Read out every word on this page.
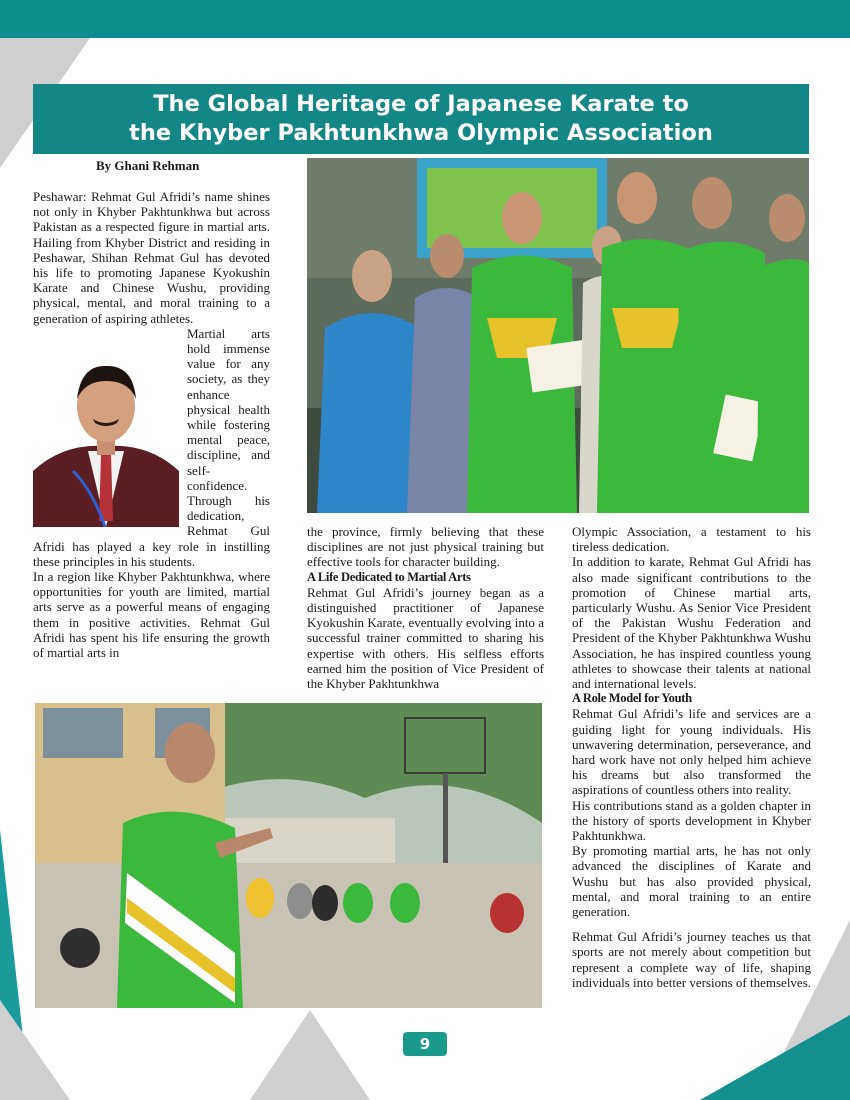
The Global Heritage of Japanese Karate to
the Khyber Pakhtunkhwa Olympic Association
By Ghani Rehman

Peshawar: Rehmat Gul Afridi’s name shines not only in Khyber Pakhtunkhwa but across Pakistan as a respected figure in martial arts. Hailing from Khyber District and residing in Peshawar, Shihan Rehmat Gul has devoted his life to promoting Japanese Kyokushin Karate and Chinese Wushu, providing physical, mental, and moral training to a generation of aspiring athletes.

Martial arts hold immense value for any society, as they enhance physical health while fostering mental peace, discipline, and self-confidence. Through his dedication, Rehmat Gul Afridi has played a key role in instilling these principles in his students.

In a region like Khyber Pakhtunkhwa, where opportunities for youth are limited, martial arts serve as a powerful means of engaging them in positive activities. Rehmat Gul Afridi has spent his life ensuring the growth of martial arts in

the province, firmly believing that these disciplines are not just physical training but effective tools for character building.

A Life Dedicated to Martial Arts

Rehmat Gul Afridi’s journey began as a distinguished practitioner of Japanese Kyokushin Karate, eventually evolving into a successful trainer committed to sharing his expertise with others. His selfless efforts earned him the position of Vice President of the Khyber Pakhtunkhwa

Olympic Association, a testament to his tireless dedication.

In addition to karate, Rehmat Gul Afridi has also made significant contributions to the promotion of Chinese martial arts, particularly Wushu. As Senior Vice President of the Pakistan Wushu Federation and President of the Khyber Pakhtunkhwa Wushu Association, he has inspired countless young athletes to showcase their talents at national and international levels.

A Role Model for Youth

Rehmat Gul Afridi’s life and services are a guiding light for young individuals. His unwavering determination, perseverance, and hard work have not only helped him achieve his dreams but also transformed the aspirations of countless others into reality.

His contributions stand as a golden chapter in the history of sports development in Khyber Pakhtunkhwa.

By promoting martial arts, he has not only advanced the disciplines of Karate and Wushu but has also provided physical, mental, and moral training to an entire generation.

Rehmat Gul Afridi’s journey teaches us that sports are not merely about competition but represent a complete way of life, shaping individuals into better versions of themselves.

9
